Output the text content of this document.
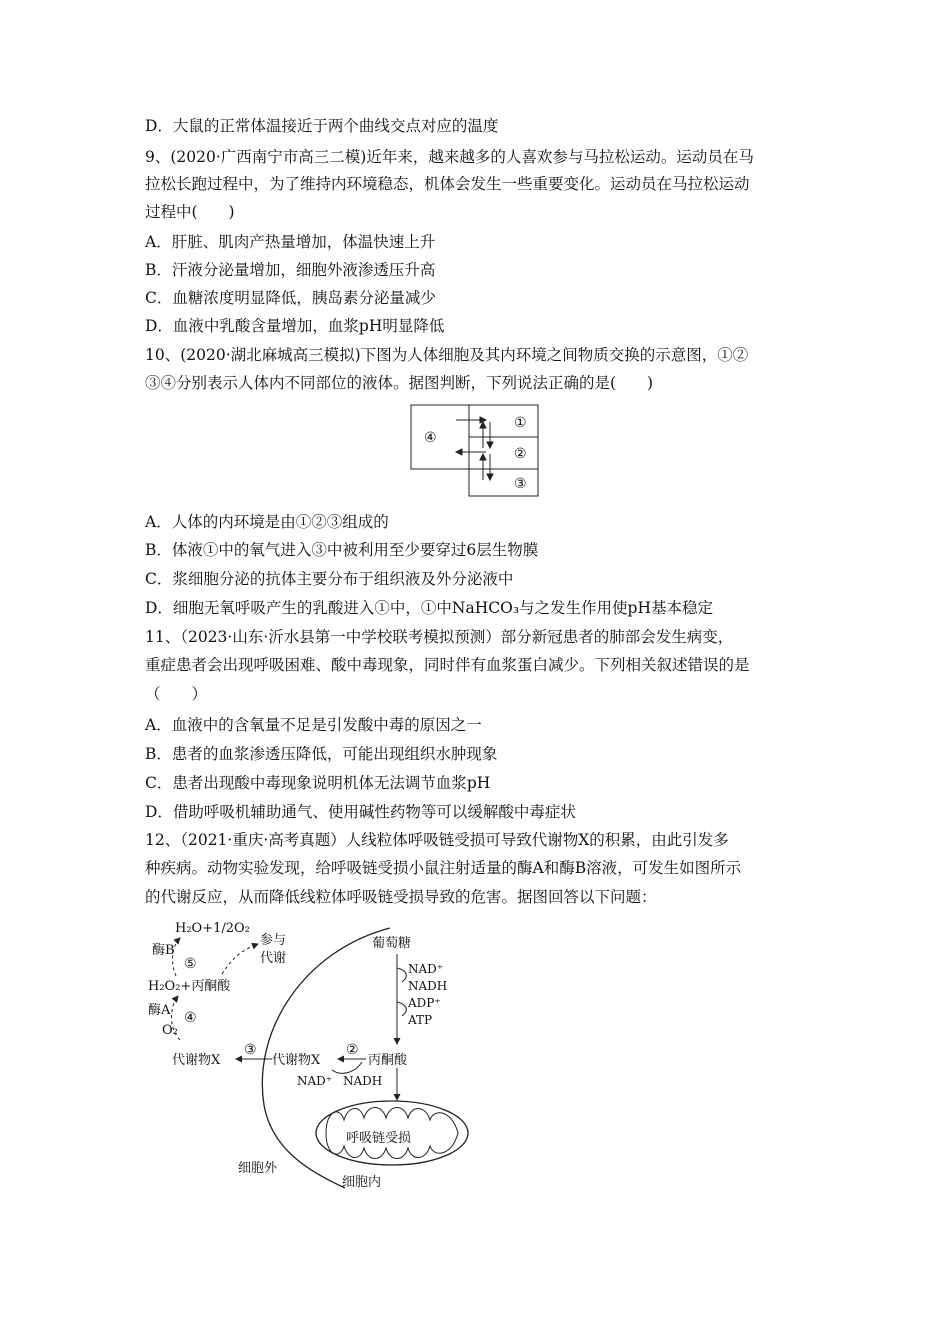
D．大鼠的正常体温接近于两个曲线交点对应的温度
9、(2020·广西南宁市高三二模)近年来，越来越多的人喜欢参与马拉松运动。运动员在马
拉松长跑过程中，为了维持内环境稳态，机体会发生一些重要变化。运动员在马拉松运动
过程中(　　)
A．肝脏、肌肉产热量增加，体温快速上升
B．汗液分泌量增加，细胞外液渗透压升高
C．血糖浓度明显降低，胰岛素分泌量减少
D．血液中乳酸含量增加，血浆pH明显降低
10、(2020·湖北麻城高三模拟)下图为人体细胞及其内环境之间物质交换的示意图，①②
③④分别表示人体内不同部位的液体。据图判断，下列说法正确的是(　　)
①
②
③
④
A．人体的内环境是由①②③组成的
B．体液①中的氧气进入③中被利用至少要穿过6层生物膜
C．浆细胞分泌的抗体主要分布于组织液及外分泌液中
D．细胞无氧呼吸产生的乳酸进入①中，①中NaHCO₃与之发生作用使pH基本稳定
11、（2023·山东·沂水县第一中学校联考模拟预测）部分新冠患者的肺部会发生病变，
重症患者会出现呼吸困难、酸中毒现象，同时伴有血浆蛋白减少。下列相关叙述错误的是
（　　）
A．血液中的含氧量不足是引发酸中毒的原因之一
B．患者的血浆渗透压降低，可能出现组织水肿现象
C．患者出现酸中毒现象说明机体无法调节血浆pH
D．借助呼吸机辅助通气、使用碱性药物等可以缓解酸中毒症状
12、（2021·重庆·高考真题）人线粒体呼吸链受损可导致代谢物X的积累，由此引发多
种疾病。动物实验发现，给呼吸链受损小鼠注射适量的酶A和酶B溶液，可发生如图所示
的代谢反应，从而降低线粒体呼吸链受损导致的危害。据图回答以下问题：
H₂O+1/2O₂
酶B
⑤
参与
代谢
H₂O₂+丙酮酸
酶A ④
O₂
代谢物X
③
葡萄糖
NAD⁺
NADH
ADP⁺
ATP
代谢物X
②
丙酮酸
NAD⁺ NADH
呼吸链受损
细胞外
细胞内
